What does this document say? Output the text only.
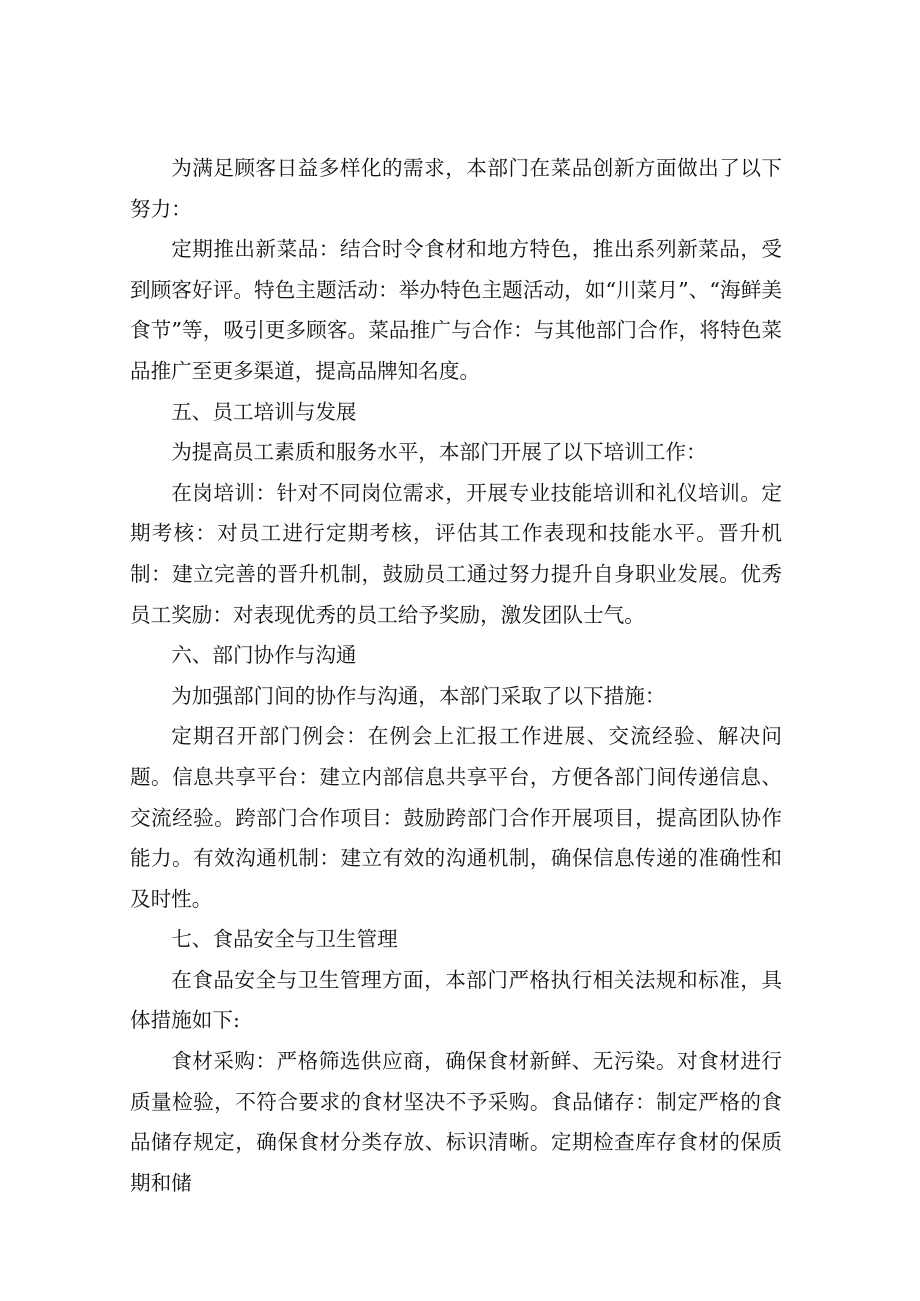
为满足顾客日益多样化的需求，本部门在菜品创新方面做出了以下努力：

定期推出新菜品：结合时令食材和地方特色，推出系列新菜品，受到顾客好评。特色主题活动：举办特色主题活动，如“川菜月”、“海鲜美食节”等，吸引更多顾客。菜品推广与合作：与其他部门合作，将特色菜品推广至更多渠道，提高品牌知名度。

五、员工培训与发展

为提高员工素质和服务水平，本部门开展了以下培训工作：

在岗培训：针对不同岗位需求，开展专业技能培训和礼仪培训。定期考核：对员工进行定期考核，评估其工作表现和技能水平。晋升机制：建立完善的晋升机制，鼓励员工通过努力提升自身职业发展。优秀员工奖励：对表现优秀的员工给予奖励，激发团队士气。

六、部门协作与沟通

为加强部门间的协作与沟通，本部门采取了以下措施：

定期召开部门例会：在例会上汇报工作进展、交流经验、解决问题。信息共享平台：建立内部信息共享平台，方便各部门间传递信息、交流经验。跨部门合作项目：鼓励跨部门合作开展项目，提高团队协作能力。有效沟通机制：建立有效的沟通机制，确保信息传递的准确性和及时性。

七、食品安全与卫生管理

在食品安全与卫生管理方面，本部门严格执行相关法规和标准，具体措施如下:

食材采购：严格筛选供应商，确保食材新鲜、无污染。对食材进行质量检验，不符合要求的食材坚决不予采购。食品储存：制定严格的食品储存规定，确保食材分类存放、标识清晰。定期检查库存食材的保质期和储
